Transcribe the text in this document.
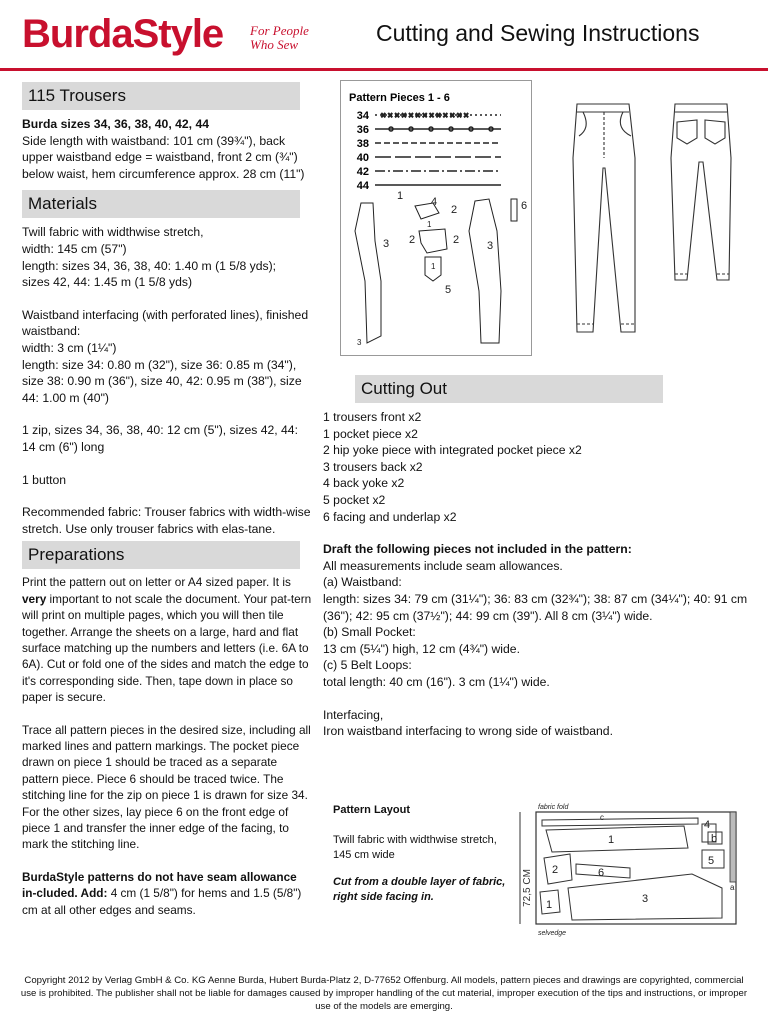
BurdaStyle For People
Who Sew	Cutting and Sewing Instructions
115 Trousers

Burda sizes 34, 36, 38, 40, 42, 44

Side length with waistband: 101 cm (39¾"), back upper waistband edge = waistband, front 2 cm (¾") below waist, hem circumference approx. 28 cm (11")

Materials

Twill fabric with widthwise stretch,

width: 145 cm (57")

length: sizes 34, 36, 38, 40: 1.40 m (1 5/8 yds);

sizes 42, 44: 1.45 m (1 5/8 yds)

Waistband interfacing (with perforated lines), finished waistband:

width: 3 cm (1¼")

length: size 34: 0.80 m (32"), size 36: 0.85 m (34"), size 38: 0.90 m (36"), size 40, 42: 0.95 m (38"), size 44: 1.00 m (40")

1 zip, sizes 34, 36, 38, 40: 12 cm (5"), sizes 42, 44: 14 cm (6") long

1 button

Recommended fabric: Trouser fabrics with width-wise stretch. Use only trouser fabrics with elas-tane.

Preparations

Print the pattern out on letter or A4 sized paper. It is very important to not scale the document. Your pat-tern will print on multiple pages, which you will then tile together. Arrange the sheets on a large, hard and flat surface matching up the numbers and letters (i.e. 6A to 6A). Cut or fold one of the sides and match the edge to it's corresponding side. Then, tape down in place so paper is secure.

Trace all pattern pieces in the desired size, including all marked lines and pattern markings. The pocket piece drawn on piece 1 should be traced as a separate pattern piece. Piece 6 should be traced twice. The stitching line for the zip on piece 1 is drawn for size 34. For the other sizes, lay piece 6 on the front edge of piece 1 and transfer the inner edge of the facing, to mark the stitching line.

BurdaStyle patterns do not have seam allowance in-cluded. Add: 4 cm (1 5/8") for hems and 1.5 (5/8") cm at all other edges and seams.

Pattern Pieces 1 - 6
34
36
38
40
42
44
× × × × × × × × × × × × ×
1	4
2
1
6
3 2	2
1
5
3
3
Cutting Out

1 trousers front x2

1 pocket piece x2

2 hip yoke piece with integrated pocket piece x2

3 trousers back x2

4 back yoke x2

5 pocket x2

6 facing and underlap x2

Draft the following pieces not included in the pattern:

All measurements include seam allowances.

(a) Waistband:

length: sizes 34: 79 cm (31¼"); 36: 83 cm (32¾"); 38: 87 cm (34¼"); 40: 91 cm (36"); 42: 95 cm (37½"); 44: 99 cm (39"). All 8 cm (3¼") wide.

(b) Small Pocket:

13 cm (5¼") high, 12 cm (4¾") wide.

(c) 5 Belt Loops:

total length: 40 cm (16"). 3 cm (1¼") wide.

Interfacing,

Iron waistband interfacing to wrong side of waistband.

Pattern Layout

Twill fabric with widthwise stretch, 145 cm wide

Cut from a double layer of fabric, right side facing in.

fabric fold
selvedge
72,5 CM
c
1
4
b
5
2	6
a
1	3
Copyright 2012 by Verlag GmbH & Co. KG Aenne Burda, Hubert Burda-Platz 2, D-77652 Offenburg. All models, pattern pieces and drawings are copyrighted, commercial use is prohibited. The publisher shall not be liable for damages caused by improper handling of the cut material, improper execution of the tips and instructions, or improper use of the models are emerging.
